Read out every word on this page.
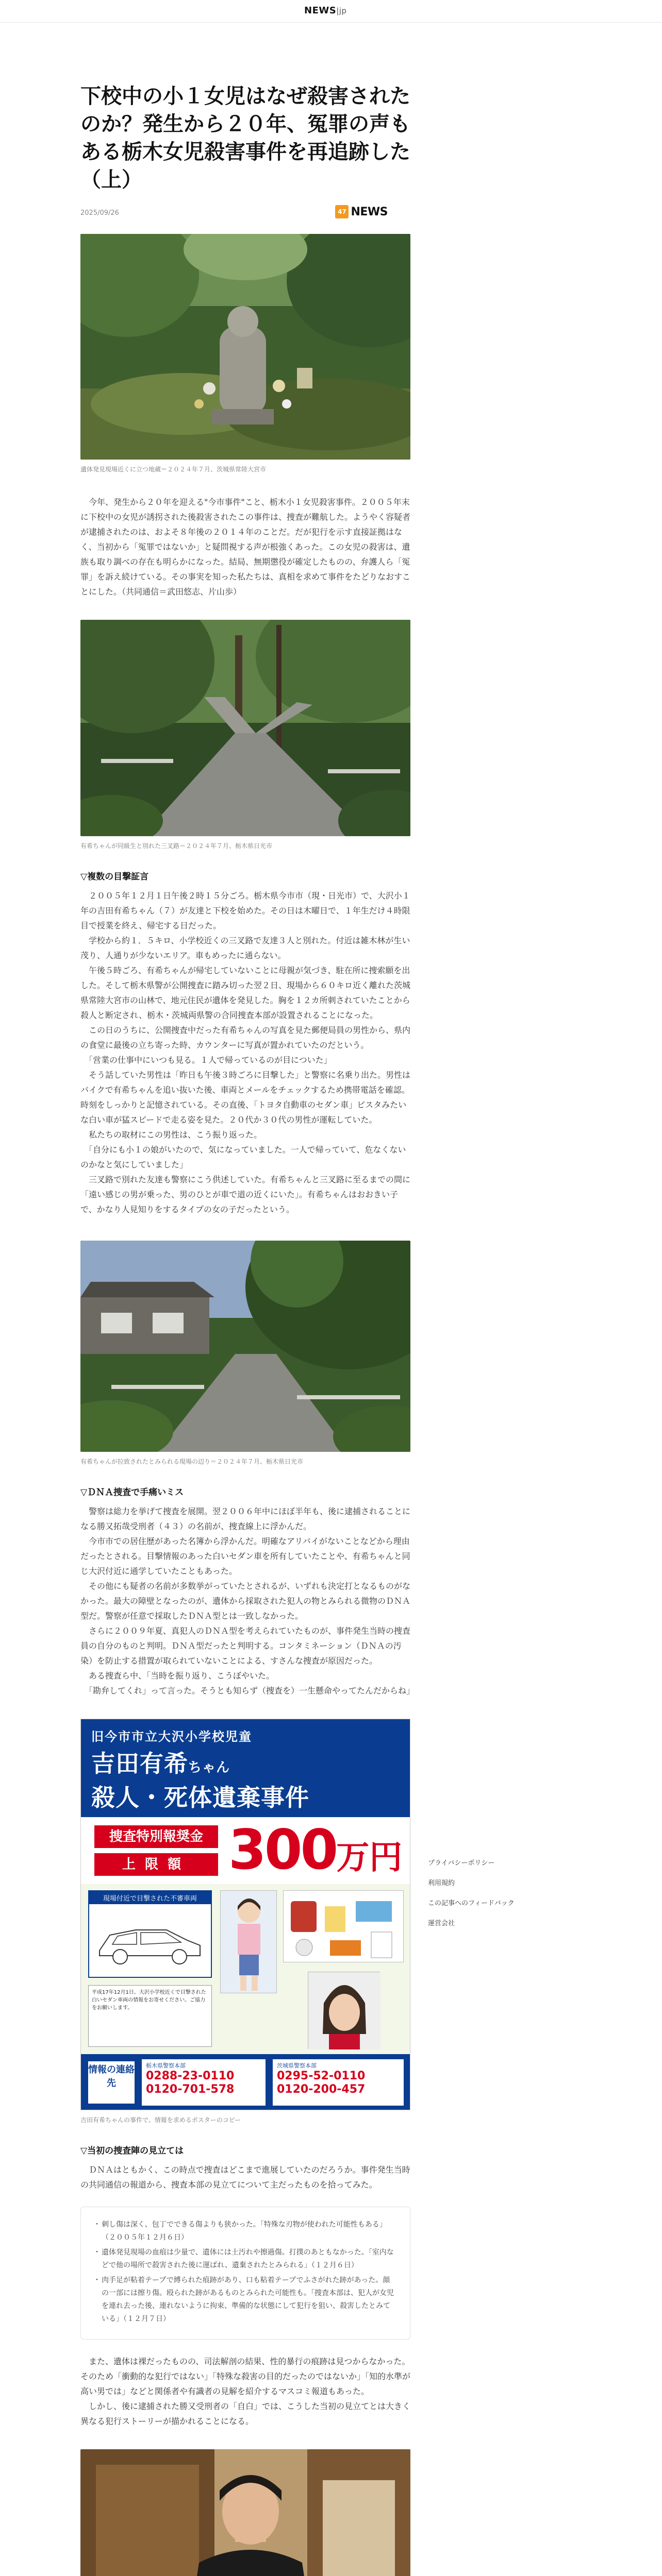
NEWS|jp
下校中の小１女児はなぜ殺害されたのか？発生から２０年、冤罪の声もある栃木女児殺害事件を再追跡した（上）
2025/09/26	47 NEWS

遺体発見現場近くに立つ地蔵＝２０２４年７月、茨城県常陸大宮市

　今年、発生から２０年を迎える"今市事件"こと、栃木小１女児殺害事件。２００５年末に下校中の女児が誘拐された後殺害されたこの事件は、捜査が難航した。ようやく容疑者が逮捕されたのは、およそ８年後の２０１４年のことだ。だが犯行を示す直接証拠はなく、当初から「冤罪ではないか」と疑問視する声が根強くあった。この女児の殺害は、遺族も取り調べの存在も明らかになった。結局、無期懲役が確定したものの、弁護人ら「冤罪」を訴え続けている。その事実を知った私たちは、真相を求めて事件をたどりなおすことにした。（共同通信＝武田悠志、片山歩）

有希ちゃんが同級生と別れた三叉路＝２０２４年７月、栃木県日光市

▽複数の目撃証言

　２００５年１２月１日午後２時１５分ごろ。栃木県今市市（現・日光市）で、大沢小１年の吉田有希ちゃん（７）が友達と下校を始めた。その日は木曜日で、１年生だけ４時限目で授業を終え、帰宅する日だった。
　学校から約１．５キロ、小学校近くの三叉路で友達３人と別れた。付近は雑木林が生い茂り、人通りが少ないエリア。車もめったに通らない。
　午後５時ごろ、有希ちゃんが帰宅していないことに母親が気づき、駐在所に捜索願を出した。そして栃木県警が公開捜査に踏み切った翌２日、現場から６０キロ近く離れた茨城県常陸大宮市の山林で、地元住民が遺体を発見した。胸を１２カ所刺されていたことから殺人と断定され、栃木・茨城両県警の合同捜査本部が設置されることになった。
　この日のうちに、公開捜査中だった有希ちゃんの写真を見た郵便局員の男性から、県内の食堂に最後の立ち寄った時、カウンターに写真が置かれていたのだという。
　「営業の仕事中にいつも見る。１人で帰っているのが目についた」
　そう話していた男性は「昨日も午後３時ごろに目撃した」と警察に名乗り出た。男性はバイクで有希ちゃんを追い抜いた後、車両とメールをチェックするため携帯電話を確認。時刻をしっかりと記憶されている。その直後、「トヨタ自動車のセダン車」ビスタみたいな白い車が猛スピードで走る姿を見た。２０代か３０代の男性が運転していた。
　私たちの取材にこの男性は、こう振り返った。
　「自分にも小１の娘がいたので、気になっていました。一人で帰っていて、危なくないのかなと気にしていました」
　三叉路で別れた友達も警察にこう供述していた。有希ちゃんと三叉路に至るまでの間に「遠い感じの男が乗った、男のひとが車で道の近くにいた」。有希ちゃんはおおきい子で、かなり人見知りをするタイプの女の子だったという。

有希ちゃんが拉致されたとみられる現場の辺り＝２０２４年７月、栃木県日光市

▽ＤＮＡ捜査で手痛いミス

　警察は総力を挙げて捜査を展開。翌２００６年中にほぼ半年も、後に逮捕されることになる勝又拓哉受刑者（４３）の名前が、捜査線上に浮かんだ。
　今市市での居住歴があった名簿から浮かんだ。明確なアリバイがないことなどから理由だったとされる。目撃情報のあった白いセダン車を所有していたことや、有希ちゃんと同じ大沢付近に通学していたこともあった。
　その他にも疑者の名前が多数挙がっていたとされるが、いずれも決定打となるものがなかった。最大の障壁となったのが、遺体から採取された犯人の物とみられる微物のＤＮＡ型だ。警察が任意で採取したＤＮＡ型とは一致しなかった。
　さらに２００９年夏、真犯人のＤＮＡ型を考えられていたものが、事件発生当時の捜査員の自分のものと判明。ＤＮＡ型だったと判明する。コンタミネーション（ＤＮＡの汚染）を防止する措置が取られていないことによる、すさんな捜査が原因だった。
　ある捜査ら中、「当時を振り返り、こうぼやいた。
　「勘弁してくれ」って言った。そうとも知らず（捜査を）一生懸命やってたんだからね」

旧今市市立大沢小学校児童
吉田有希ちゃん
殺人・死体遺棄事件
捜査特別報奨金
上限額 300万円
現場付近で目撃された不審車両
平成17年12月1日、大沢小学校近くで目撃された白いセダン車両の情報をお寄せください。ご協力をお願いします。
情報の連絡先
栃木県警察本部
0288-23-0110
0120-701-578
茨城県警察本部
0295-52-0110
0120-200-457

吉田有希ちゃんの事件で、情報を求めるポスターのコピー

▽当初の捜査陣の見立ては

　ＤＮＡはともかく、この時点で捜査はどこまで進展していたのだろうか。事件発生当時の共同通信の報道から、捜査本部の見立てについて主だったものを拾ってみた。

・ 刺し傷は深く、包丁でできる傷よりも狭かった。「特殊な刃物が使われた可能性もある」（２００５年１２月６日）
・ 遺体発見現場の血痕は少量で、遺体には土汚れや擦過傷。打撲のあともなかった。「室内などで他の場所で殺害された後に運ばれ、遺棄されたとみられる」（１２月６日）
・ 肉手足が粘着テープで縛られた痕跡があり、口も粘着テープでふさがれた跡があった。顔の一部には擦り傷。殴られた跡があるものとみられた可能性も。「捜査本部は、犯人が女児を連れ去った後、連れないように拘束、準備的な状態にして犯行を狙い、殺害したとみている」（１２月７日）

　また、遺体は裸だったものの、司法解剖の結果、性的暴行の痕跡は見つからなかった。そのため「衝動的な犯行ではない」「特殊な殺害の目的だったのではないか」「知的水準が高い男では」などと関係者や有識者の見解を紹介するマスコミ報道もあった。
　しかし、後に逮捕された勝又受刑者の「自白」では、こうした当初の見立てとは大きく異なる犯行ストーリーが描かれることになる。

プライバシーポリシー
利用規約
この記事へのフィードバック
運営会社
